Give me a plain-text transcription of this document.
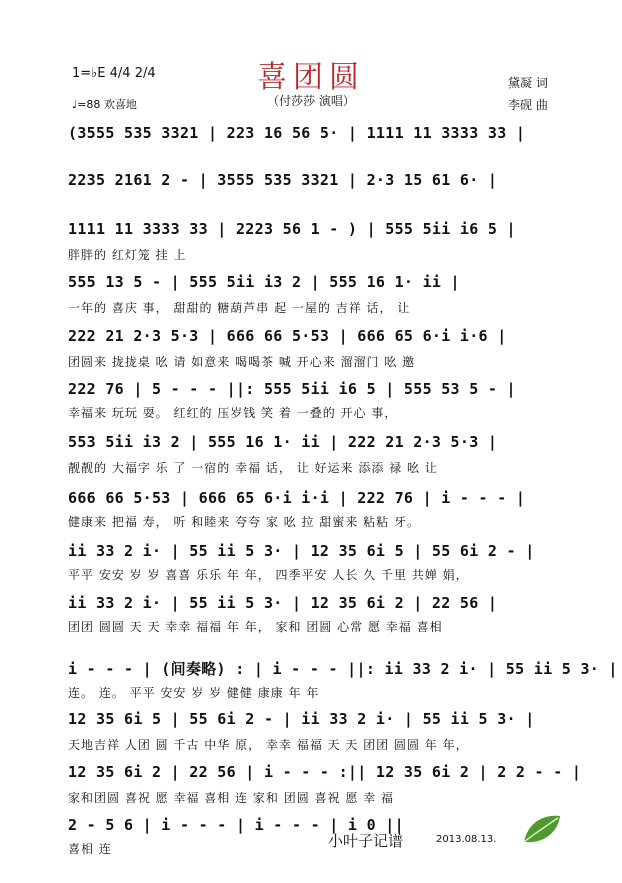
喜团圆
（付莎莎 演唱）
1=♭E 4/4 2/4
♩=88 欢喜地
黛凝 词
李砚 曲
(3555 535 3321 | 223 16 56 5· | 1111 11 3333 33 |
2235 2161 2 - | 3555 535 3321 | 2·3 15 61 6· |
1111 11 3333 33 | 2223 56 1 - ) | 555 5ii i6 5 |
胖胖的 红灯笼 挂 上
555 13 5 - | 555 5ii i3 2 | 555 16 1· ii |
一年的 喜庆 事， 甜甜的 糖葫芦串 起 一屋的 吉祥 话， 让
222 21 2·3 5·3 | 666 66 5·53 | 666 65 6·i i·6 |
团圆来 拢拢桌 吆 请 如意来 喝喝茶 喊 开心来 溜溜门 吆 邀
222 76 | 5 - - - ||: 555 5ii i6 5 | 555 53 5 - |
幸福来 玩玩 耍。 红红的 压岁钱 笑 着 一叠的 开心 事，
553 5ii i3 2 | 555 16 1· ii | 222 21 2·3 5·3 |
靓靓的 大福字 乐 了 一宿的 幸福 话， 让 好运来 添添 禄 吆 让
666 66 5·53 | 666 65 6·i i·i | 222 76 | i - - - |
健康来 把福 寿， 听 和睦来 夸夸 家 吆 拉 甜蜜来 粘粘 牙。
ii 33 2 i· | 55 ii 5 3· | 12 35 6i 5 | 55 6i 2 - |
平平 安安 岁 岁 喜喜 乐乐 年 年， 四季平安 人长 久 千里 共婵 娟，
ii 33 2 i· | 55 ii 5 3· | 12 35 6i 2 | 22 56 |
团团 圆圆 天 天 幸幸 福福 年 年， 家和 团圆 心常 愿 幸福 喜相
i - - - | (间奏略) : | i - - - ||: ii 33 2 i· | 55 ii 5 3· |
连。 连。 平平 安安 岁 岁 健健 康康 年 年
12 35 6i 5 | 55 6i 2 - | ii 33 2 i· | 55 ii 5 3· |
天地吉祥 人团 圆 千古 中华 原， 幸幸 福福 天 天 团团 圆圆 年 年，
12 35 6i 2 | 22 56 | i - - - :|| 12 35 6i 2 | 2 2 - - |
家和团圆 喜祝 愿 幸福 喜相 连 家和 团圆 喜祝 愿 幸 福
2 - 5 6 | i - - - | i - - - | i 0 ||
喜相 连	小叶子记谱	2013.08.13.
